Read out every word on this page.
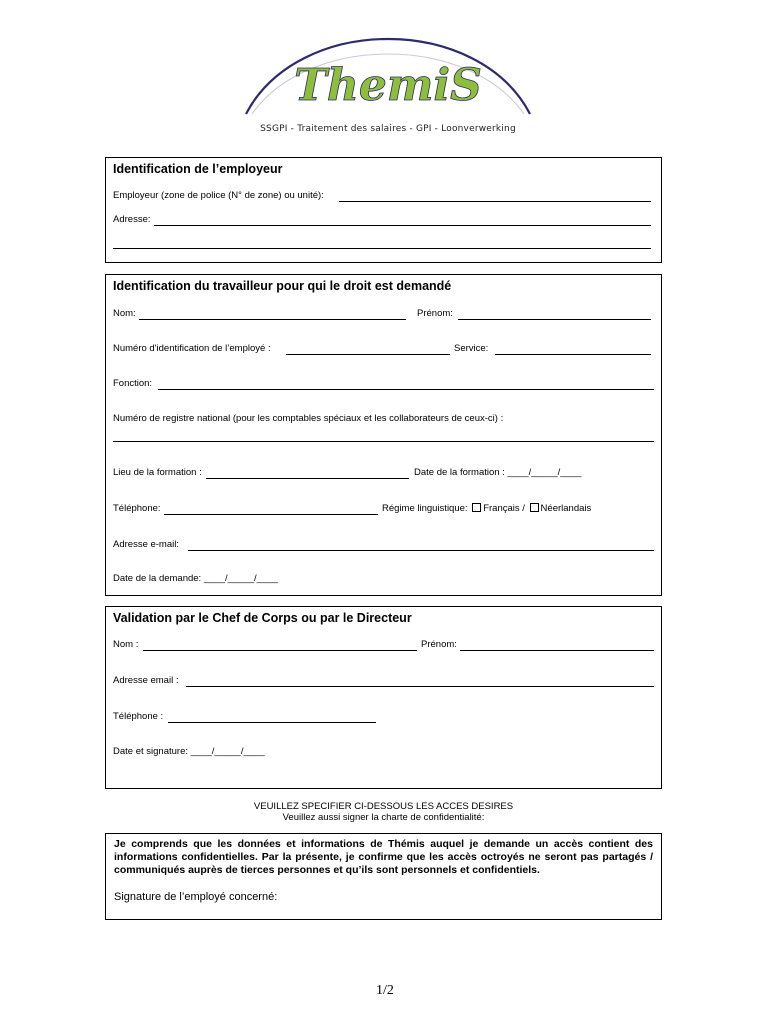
ThemiS
SSGPI - Traitement des salaires - GPI - Loonverwerking
Identification de l’employeur
Employeur (zone de police (N° de zone) ou unité):
Adresse:
Identification du travailleur pour qui le droit est demandé
Nom:	Prénom:
Numéro d'identification de l’employé :	Service:
Fonction:
Numéro de registre national (pour les comptables spéciaux et les collaborateurs de ceux-ci) :
Lieu de la formation :	Date de la formation : ____/_____/____
Téléphone:	Régime linguistique: Français / Néerlandais
Adresse e-mail:
Date de la demande: ____/_____/____
Validation par le Chef de Corps ou par le Directeur
Nom :	Prénom:
Adresse email :
Téléphone :
Date et signature: ____/_____/____
VEUILLEZ SPECIFIER CI-DESSOUS LES ACCES DESIRES
Veuillez aussi signer la charte de confidentialité:

Je comprends que les données et informations de Thémis auquel je demande un accès contient des informations confidentielles. Par la présente, je confirme que les accès octroyés ne seront pas partagés / communiqués auprès de tierces personnes et qu’ils sont personnels et confidentiels.

Signature de l’employé concerné:

1/2
